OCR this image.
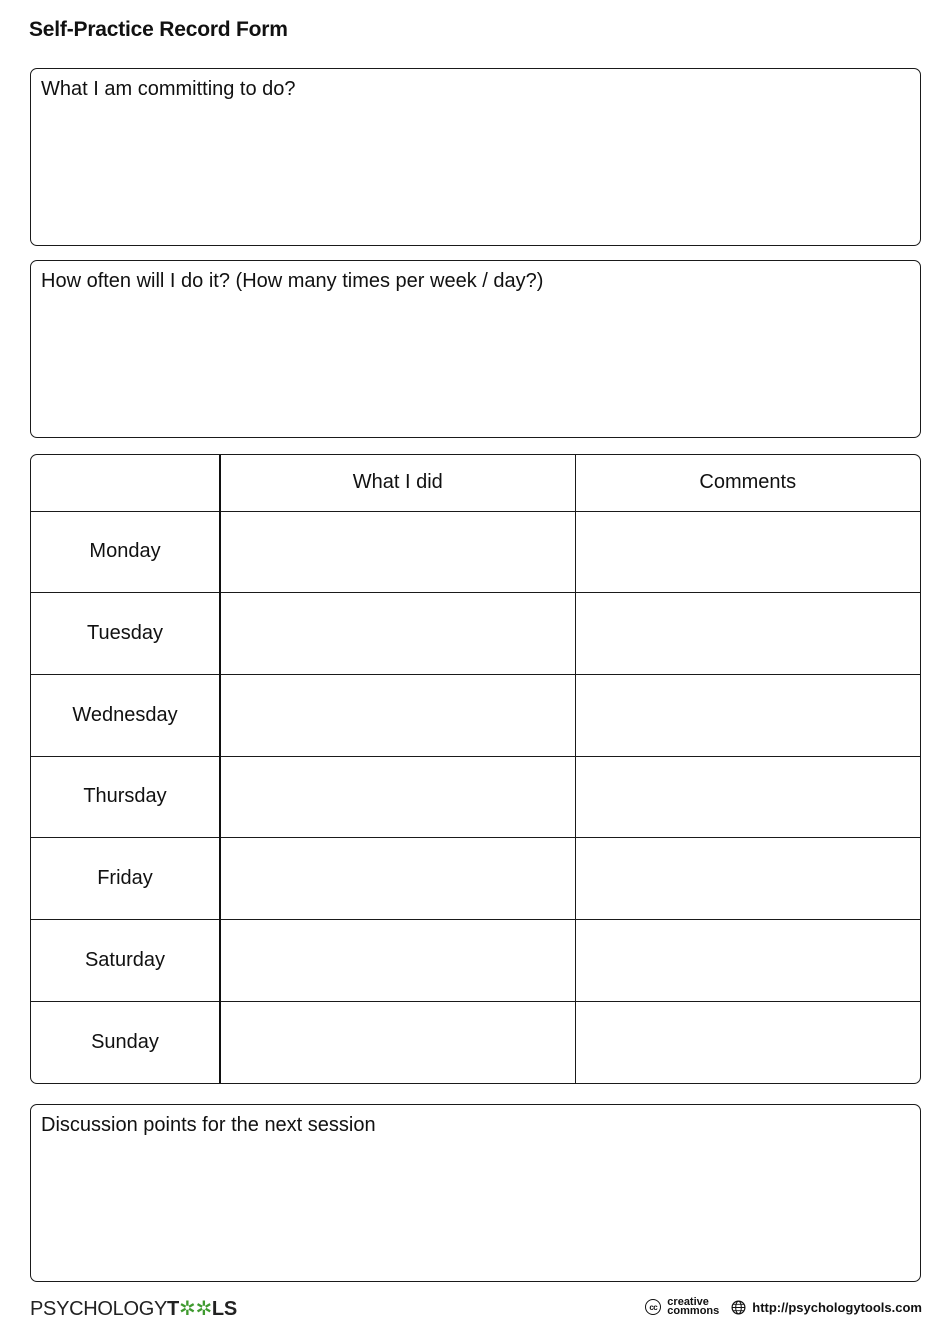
Self-Practice Record Form
What I am committing to do?
How often will I do it? (How many times per week / day?)
	What I did	Comments
Monday		
Tuesday		
Wednesday		
Thursday		
Friday		
Saturday		
Sunday		
Discussion points for the next session
PSYCHOLOGYT✲✲LS	cc creative
commons	http://psychologytools.com
